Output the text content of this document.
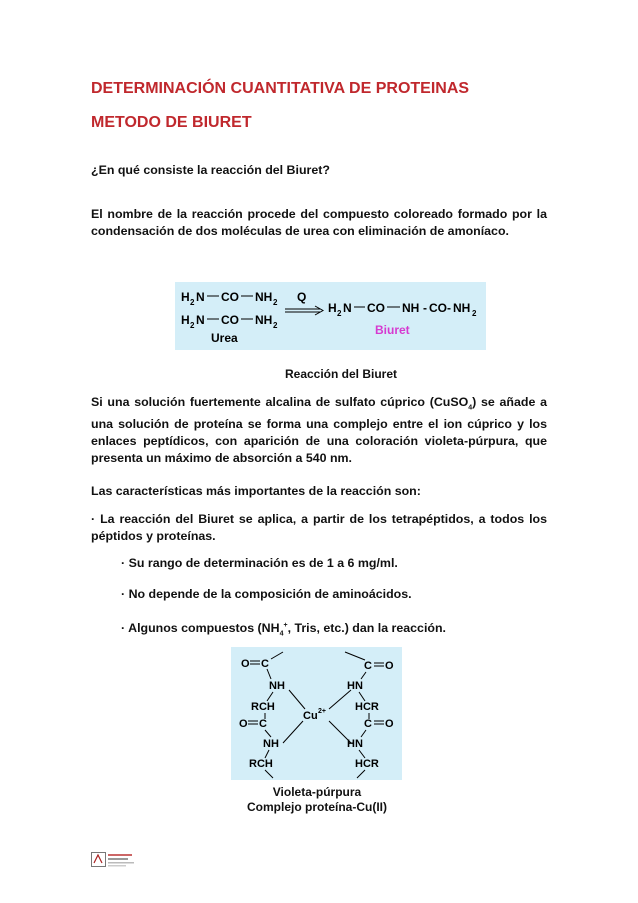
DETERMINACIÓN CUANTITATIVA DE PROTEINAS
METODO DE BIURET
¿En qué consiste la reacción del Biuret?
El nombre de la reacción procede del compuesto coloreado formado por la condensación de dos moléculas de urea con eliminación de amoníaco.
H 2 N CO NH 2 Q
H 2 N CO NH 2
Urea
H 2 N CO NH - CO - NH 2
Biuret
Reacción del Biuret
Si una solución fuertemente alcalina de sulfato cúprico (CuSO$_4$) se añade a una solución de proteína se forma una complejo entre el ion cúprico y los enlaces peptídicos, con aparición de una coloración violeta-púrpura, que presenta un máximo de absorción a 540 nm.
Las características más importantes de la reacción son:
· La reacción del Biuret se aplica, a partir de los tetrapéptidos, a todos los péptidos y proteínas.
· Su rango de determinación es de 1 a 6 mg/ml.
· No depende de la composición de aminoácidos.
· Algunos compuestos ($NH_4^+$, Tris, etc.) dan la reacción.
O C
NH
RCH
O C
NH
RCH
Cu 2+
C O
HN
HCR
C O
HN
HCR
Violeta-púrpura
Complejo proteína-Cu(II)
